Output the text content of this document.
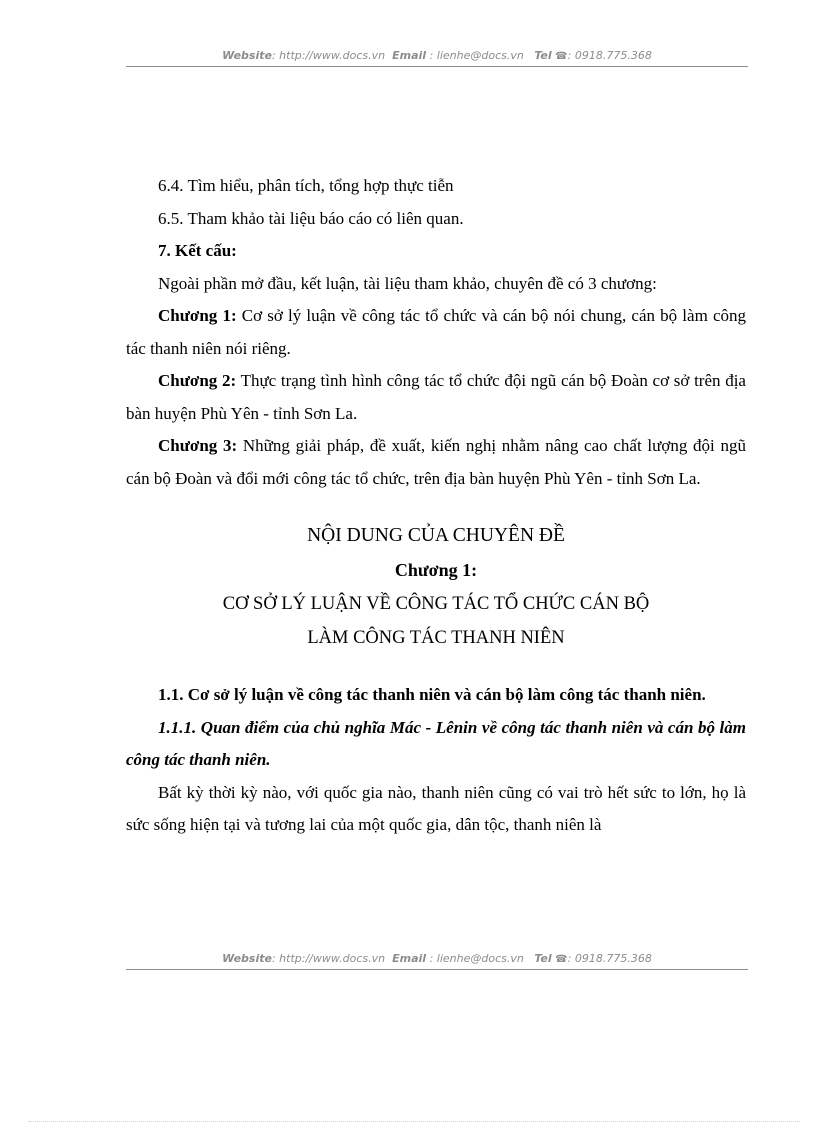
Website: http://www.docs.vn Email : lienhe@docs.vn Tel ☎: 0918.775.368

6.4. Tìm hiểu, phân tích, tổng hợp thực tiễn

6.5. Tham khảo tài liệu báo cáo có liên quan.

7. Kết cấu:

Ngoài phần mở đầu, kết luận, tài liệu tham khảo, chuyên đề có 3 chương:

Chương 1: Cơ sở lý luận về công tác tổ chức và cán bộ nói chung, cán bộ làm công tác thanh niên nói riêng.

Chương 2: Thực trạng tình hình công tác tổ chức đội ngũ cán bộ Đoàn cơ sở trên địa bàn huyện Phù Yên - tỉnh Sơn La.

Chương 3: Những giải pháp, đề xuất, kiến nghị nhằm nâng cao chất lượng đội ngũ cán bộ Đoàn và đổi mới công tác tổ chức, trên địa bàn huyện Phù Yên - tỉnh Sơn La.

NỘI DUNG CỦA CHUYÊN ĐỀ

Chương 1:

CƠ SỞ LÝ LUẬN VỀ CÔNG TÁC TỔ CHỨC CÁN BỘ

LÀM CÔNG TÁC THANH NIÊN

1.1. Cơ sở lý luận về công tác thanh niên và cán bộ làm công tác thanh niên.

1.1.1. Quan điểm của chủ nghĩa Mác - Lênin về công tác thanh niên và cán bộ làm công tác thanh niên.

Bất kỳ thời kỳ nào, với quốc gia nào, thanh niên cũng có vai trò hết sức to lớn, họ là sức sống hiện tại và tương lai của một quốc gia, dân tộc, thanh niên là

Website: http://www.docs.vn Email : lienhe@docs.vn Tel ☎: 0918.775.368
